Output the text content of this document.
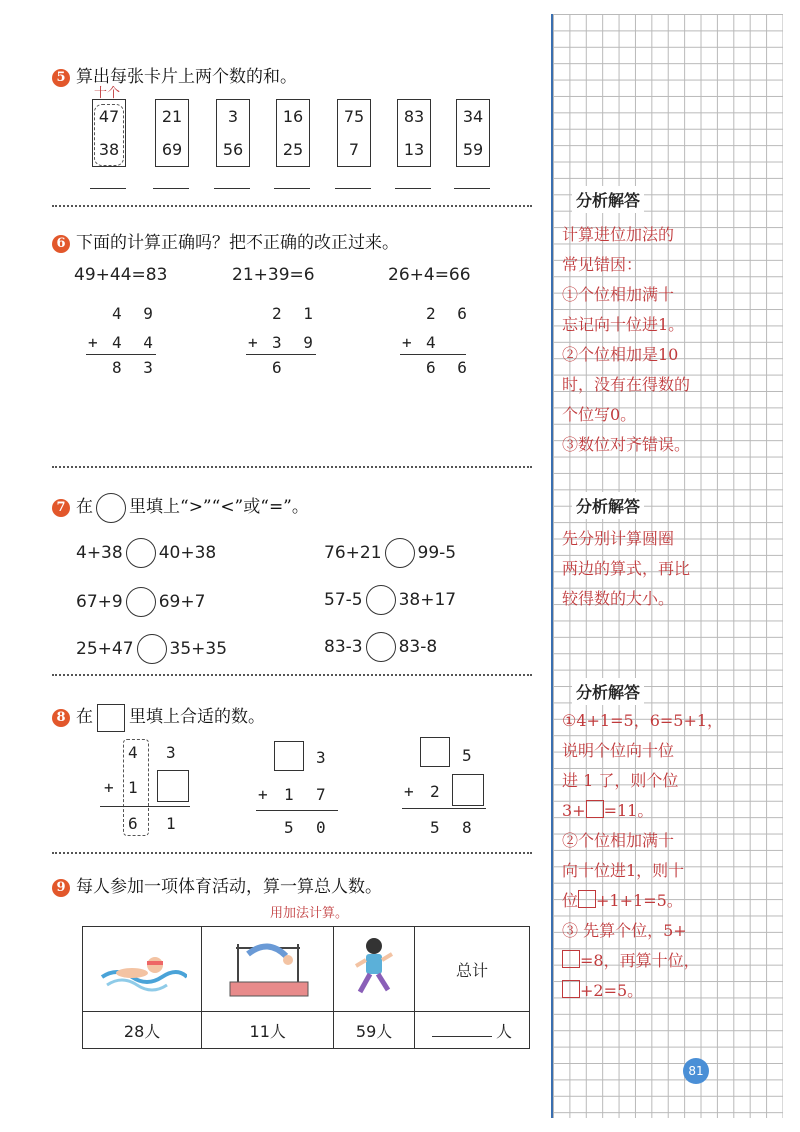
分析解答
计算进位加法的
常见错因：
①个位相加满十
忘记向十位进1。
②个位相加是10
时，没有在得数的
个位写0。
③数位对齐错误。
分析解答
先分别计算圆圈
两边的算式，再比
较得数的大小。
分析解答
①4+1=5，6=5+1，
说明个位向十位
进 1 了，则个位
3+ =11。
②个位相加满十
向十位进1，则十
位 +1+1=5。
③ 先算个位，5+
=8，再算十位，
+2=5。
81
5 算出每张卡片上两个数的和。
十个
47
38
21
69
3
56
16
25
75
7
83
13
34
59
6 下面的计算正确吗？把不正确的改正过来。
49+44=83	21+39=6	26+4=66
4 9
+ 4 4
8 3
2 1
+ 3 9
6
2 6
+ 4
6 6
7 在 里填上“>”“<”或“=”。
4+38 40+38	76+21 99-5
67+9 69+7	57-5 38+17
25+47 35+35	83-3 83-8
8 在 里填上合适的数。
4 3
+ 1
6 1
3
+ 1 7
5 0
5
+ 2
5 8
9 每人参加一项体育活动，算一算总人数。
用加法计算。
			总计
28人	11人	59人	人
